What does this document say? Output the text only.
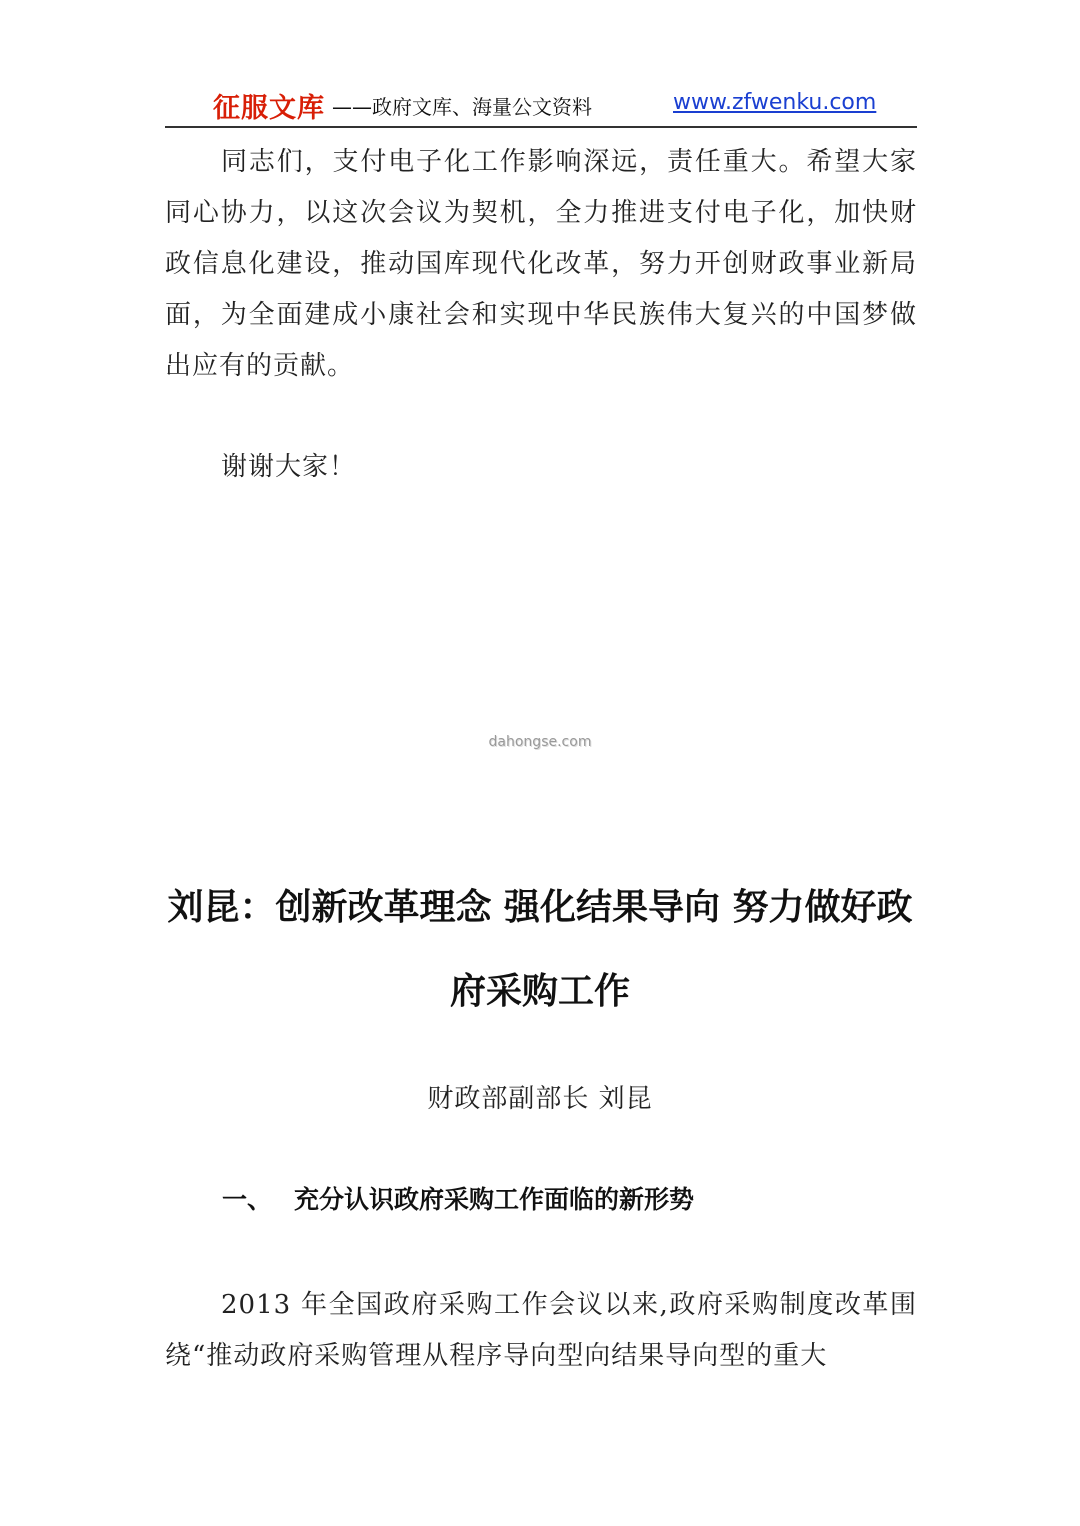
征服文库 ——政府文库、海量公文资料	www.zfwenku.com

同志们，支付电子化工作影响深远，责任重大。希望大家同心协力，以这次会议为契机，全力推进支付电子化，加快财政信息化建设，推动国库现代化改革，努力开创财政事业新局面，为全面建成小康社会和实现中华民族伟大复兴的中国梦做出应有的贡献。

谢谢大家！

dahongse.com
刘昆：创新改革理念 强化结果导向 努力做好政府采购工作
财政部副部长 刘昆
一、 充分认识政府采购工作面临的新形势

2013 年全国政府采购工作会议以来,政府采购制度改革围绕“推动政府采购管理从程序导向型向结果导向型的重大
